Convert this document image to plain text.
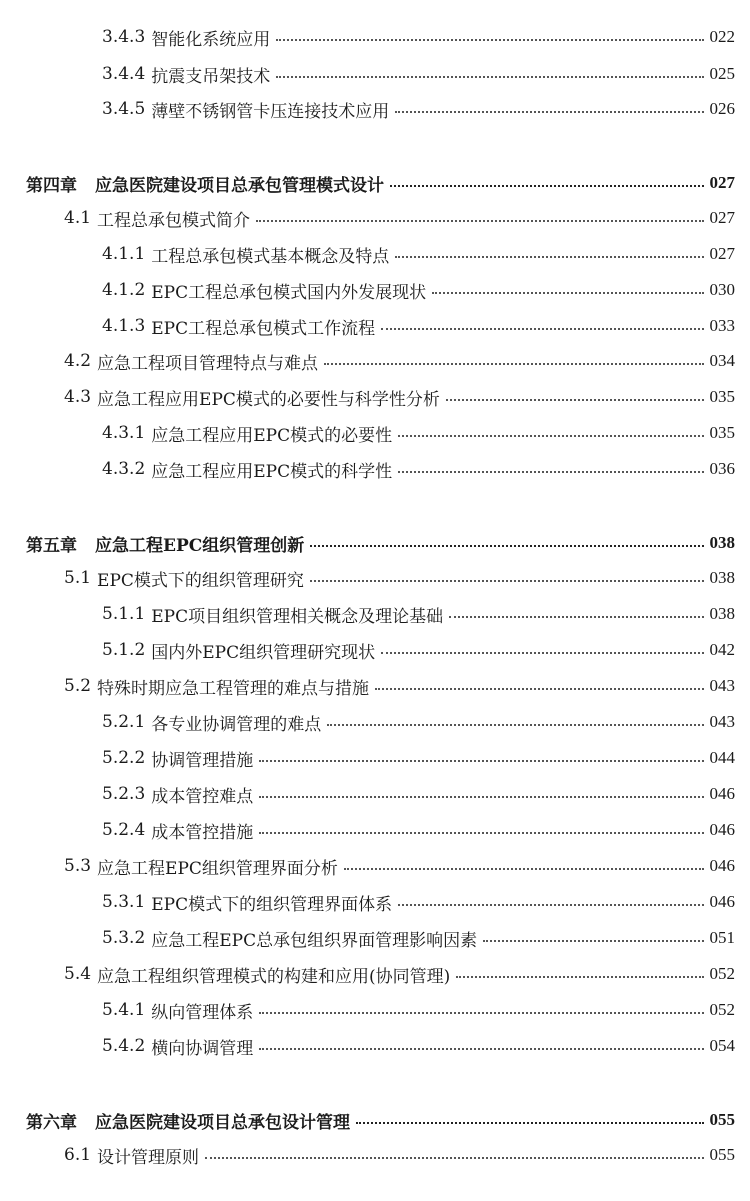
3.4.3 智能化系统应用	022
3.4.4 抗震支吊架技术	025
3.4.5 薄壁不锈钢管卡压连接技术应用	026
第四章	应急医院建设项目总承包管理模式设计	027
4.1 工程总承包模式简介	027
4.1.1 工程总承包模式基本概念及特点	027
4.1.2 EPC工程总承包模式国内外发展现状	030
4.1.3 EPC工程总承包模式工作流程	033
4.2 应急工程项目管理特点与难点	034
4.3 应急工程应用EPC模式的必要性与科学性分析	035
4.3.1 应急工程应用EPC模式的必要性	035
4.3.2 应急工程应用EPC模式的科学性	036
第五章	应急工程EPC组织管理创新	038
5.1 EPC模式下的组织管理研究	038
5.1.1 EPC项目组织管理相关概念及理论基础	038
5.1.2 国内外EPC组织管理研究现状	042
5.2 特殊时期应急工程管理的难点与措施	043
5.2.1 各专业协调管理的难点	043
5.2.2 协调管理措施	044
5.2.3 成本管控难点	046
5.2.4 成本管控措施	046
5.3 应急工程EPC组织管理界面分析	046
5.3.1 EPC模式下的组织管理界面体系	046
5.3.2 应急工程EPC总承包组织界面管理影响因素	051
5.4 应急工程组织管理模式的构建和应用(协同管理)	052
5.4.1 纵向管理体系	052
5.4.2 横向协调管理	054
第六章	应急医院建设项目总承包设计管理	055
6.1 设计管理原则	055
